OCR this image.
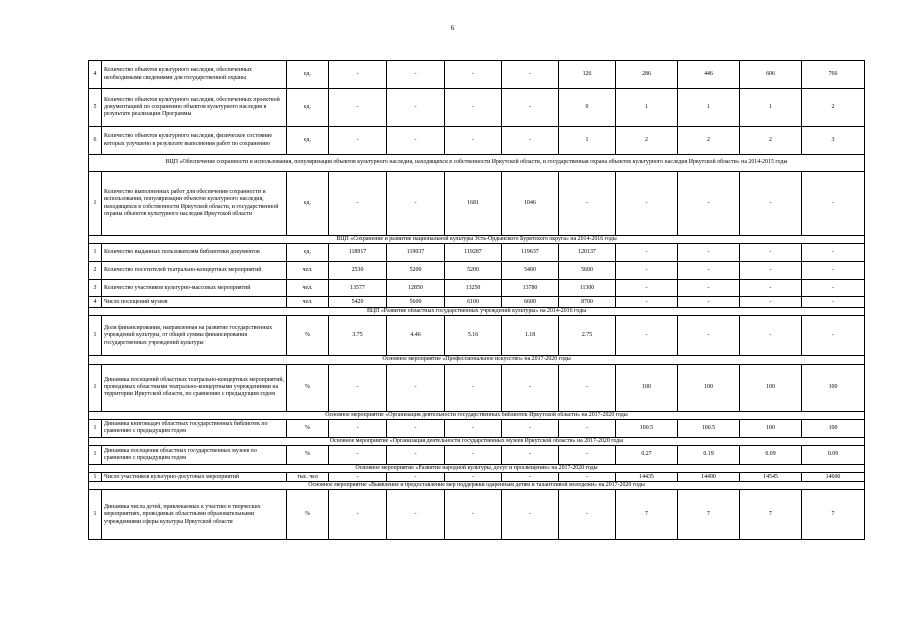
6
4	Количество объектов культурного наследия, обеспеченных необходимыми сведениями для государственной охраны	ед.	-	-	-	-	126	286	446	606	766
5	Количество объектов культурного наследия, обеспеченных проектной документацией по сохранению объектов культурного наследия в результате реализации Программы	ед.	-	-	-	-	0	1	1	1	2
6	Количество объектов культурного наследия, физическое состояние которых улучшено в результате выполнения работ по сохранению	ед.	-	-	-	-	1	2	2	2	3
ВЦП «Обеспечение сохранности и использования, популяризация объектов культурного наследия, находящихся в собственности Иркутской области, и государственная охрана объектов культурного наследия Иркутской области» на 2014-2015 годы											
1	Количество выполненных работ для обеспечения сохранности и использования, популяризации объектов культурного наследия, находящихся в собственности Иркутской области, и государственной охраны объектов культурного наследия Иркутской области	ед.	-	-	1681	1046	-	-	-	-	-
ВЦП «Сохранение и развитие национальной культуры Усть-Ордынского Бурятского округа» на 2014-2016 годы											
1	Количество выданных пользователям библиотеки документов	ед.	118917	119037	119287	119637	120137	-	-	-	-
2	Количество посетителей театрально-концертных мероприятий	чел.	2530	5200	5200	5400	5600	-	-	-	-
3	Количество участников культурно-массовых мероприятий	чел.	13577	12850	13250	13780	11300	-	-	-	-
4	Число посещений музеев	чел.	5420	5600	6100	6600	8700	-	-	-	-
ВЦП «Развитие областных государственных учреждений культуры» на 2014-2016 годы											
1	Доля финансирования, направленная на развитие государственных учреждений культуры, от общей суммы финансирования государственных учреждений культуры	%	3.75	4.46	5.16	1.18	2.75	-	-	-	-
Основное мероприятие «Профессиональное искусство» на 2017-2020 годы											
1	Динамика посещений областных театрально-концертных мероприятий, проводимых областными театрально-концертными учреждениями на территории Иркутской области, по сравнению с предыдущим годом	%	-	-	-	-	-	100	100	100	100
Основное мероприятие «Организация деятельности государственных библиотек Иркутской области» на 2017-2020 годы											
1	Динамика книговыдач областных государственных библиотек по сравнению с предыдущим годом	%	-	-	-	-	-	100.5	100.5	100	100
Основное мероприятие «Организация деятельности государственных музеев Иркутской области» на 2017-2020 годы											
1	Динамика посещения областных государственных музеев по сравнению с предыдущим годом	%	-	-	-	-	-	0.27	0.19	0.09	0.09
Основное мероприятие «Развитие народной культуры, досуг и просвещение» на 2017-2020 годы											
1	Число участников культурно-досуговых мероприятий	тыс. чел	-	-	-	-	-	14435	14490	14545	14600
Основное мероприятие «Выявление и предоставление мер поддержки одаренным детям и талантливой молодежи» на 2017-2020 годы											
1	Динамика числа детей, привлекаемых к участию в творческих мероприятиях, проводимых областными образовательными учреждениями сферы культуры Иркутской области	%	-	-	-	-	-	7	7	7	7
